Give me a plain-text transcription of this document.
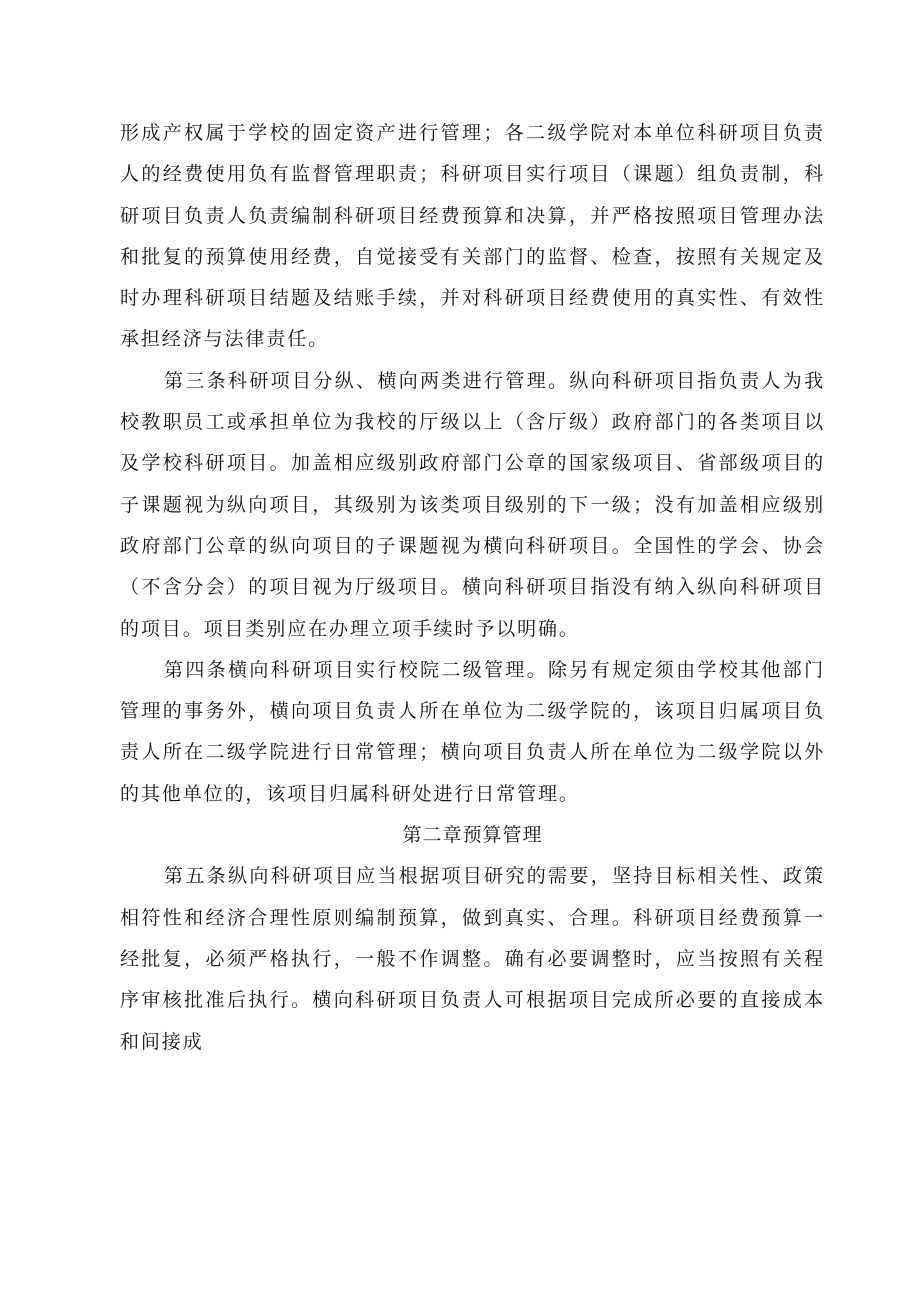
形成产权属于学校的固定资产进行管理；各二级学院对本单位科研项目负责人的经费使用负有监督管理职责；科研项目实行项目（课题）组负责制，科研项目负责人负责编制科研项目经费预算和决算，并严格按照项目管理办法和批复的预算使用经费，自觉接受有关部门的监督、检查，按照有关规定及时办理科研项目结题及结账手续，并对科研项目经费使用的真实性、有效性承担经济与法律责任。

第三条科研项目分纵、横向两类进行管理。纵向科研项目指负责人为我校教职员工或承担单位为我校的厅级以上（含厅级）政府部门的各类项目以及学校科研项目。加盖相应级别政府部门公章的国家级项目、省部级项目的子课题视为纵向项目，其级别为该类项目级别的下一级；没有加盖相应级别政府部门公章的纵向项目的子课题视为横向科研项目。全国性的学会、协会（不含分会）的项目视为厅级项目。横向科研项目指没有纳入纵向科研项目的项目。项目类别应在办理立项手续时予以明确。

第四条横向科研项目实行校院二级管理。除另有规定须由学校其他部门管理的事务外，横向项目负责人所在单位为二级学院的，该项目归属项目负责人所在二级学院进行日常管理；横向项目负责人所在单位为二级学院以外的其他单位的，该项目归属科研处进行日常管理。

第二章预算管理

第五条纵向科研项目应当根据项目研究的需要，坚持目标相关性、政策相符性和经济合理性原则编制预算，做到真实、合理。科研项目经费预算一经批复，必须严格执行，一般不作调整。确有必要调整时，应当按照有关程序审核批准后执行。横向科研项目负责人可根据项目完成所必要的直接成本和间接成
